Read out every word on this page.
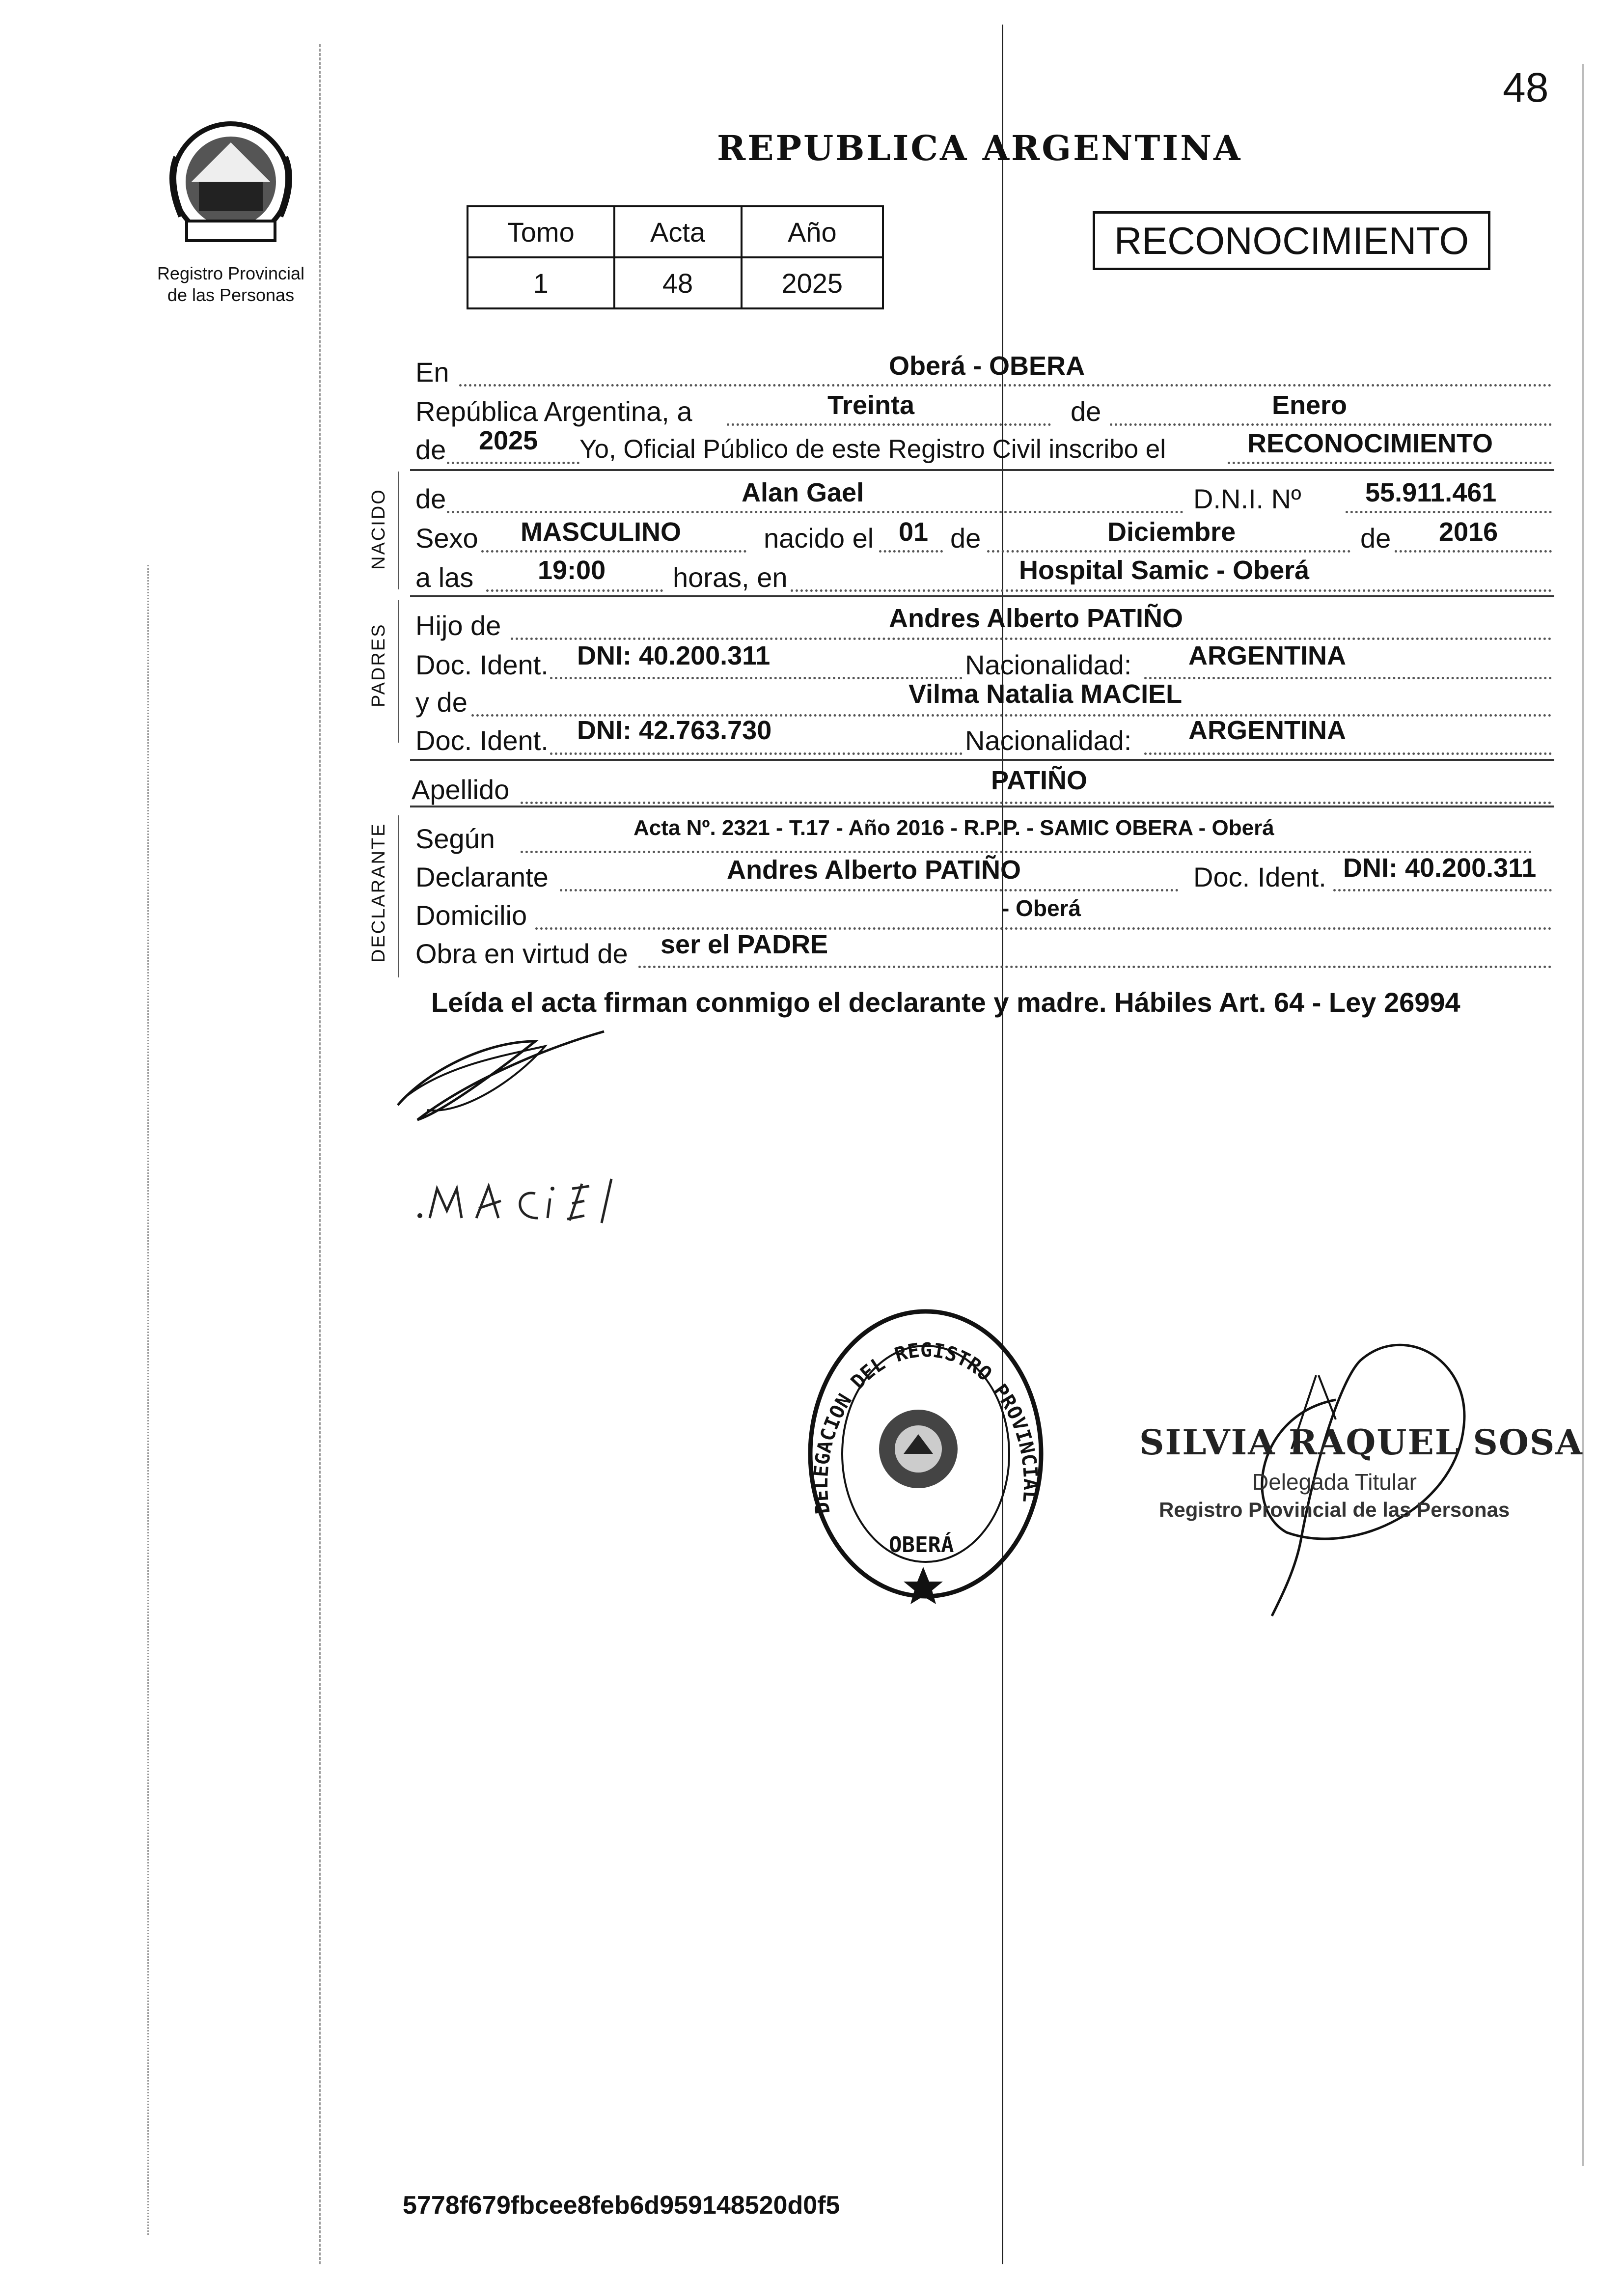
48
Registro Provincial
de las Personas
REPUBLICA ARGENTINA
Tomo	Acta	Año
1	48	2025
RECONOCIMIENTO
En	Oberá - OBERA
República Argentina, a	Treinta	de	Enero
de 2025 Yo, Oficial Público de este Registro Civil inscribo el	RECONOCIMIENTO
NACIDO de	Alan Gael	D.N.I. Nº 55.911.461
Sexo MASCULINO	nacido el 01 de	Diciembre	de 2016
a las 19:00 horas, en	Hospital Samic - Oberá
PADRES Hijo de	Andres Alberto PATIÑO
Doc. Ident. DNI: 40.200.311	Nacionalidad: ARGENTINA
y de	Vilma Natalia MACIEL
Doc. Ident. DNI: 42.763.730	Nacionalidad: ARGENTINA
Apellido	PATIÑO
DECLARANTE Según	Acta Nº. 2321 - T.17 - Año 2016 - R.P.P. - SAMIC OBERA - Oberá
Declarante	Andres Alberto PATIÑO	Doc. Ident. DNI: 40.200.311
Domicilio	- Oberá
Obra en virtud de ser el PADRE
Leída el acta firman conmigo el declarante y madre. Hábiles Art. 64 - Ley 26994
DELEGACION DEL REGISTRO PROVINCIAL
OBERÁ
SILVIA RAQUEL SOSA
Delegada Titular
Registro Provincial de las Personas
5778f679fbcee8feb6d959148520d0f5
